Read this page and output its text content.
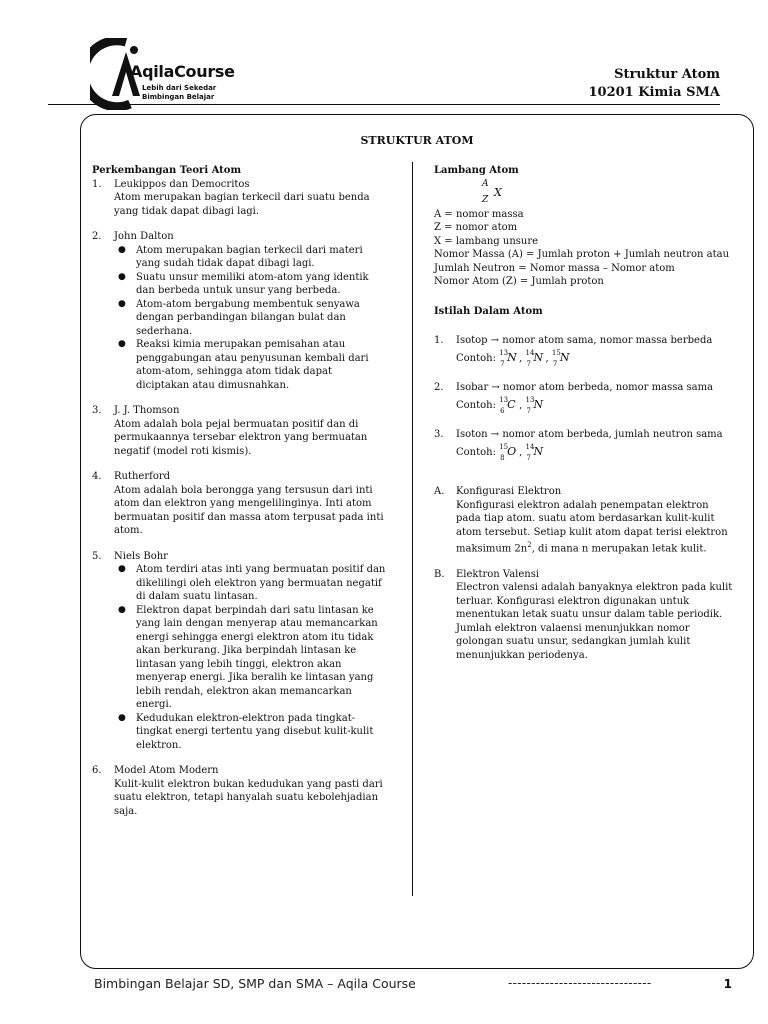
AqilaCourse
Lebih dari Sekedar
Bimbingan Belajar
Struktur Atom
10201 Kimia SMA
STRUKTUR ATOM
Perkembangan Teori Atom
1. Leukippos dan Democritos
Atom merupakan bagian terkecil dari suatu benda yang tidak dapat dibagi lagi.
2. John Dalton
● Atom merupakan bagian terkecil dari materi yang sudah tidak dapat dibagi lagi.
● Suatu unsur memiliki atom-atom yang identik dan berbeda untuk unsur yang berbeda.
● Atom-atom bergabung membentuk senyawa dengan perbandingan bilangan bulat dan sederhana.
● Reaksi kimia merupakan pemisahan atau penggabungan atau penyusunan kembali dari atom-atom, sehingga atom tidak dapat diciptakan atau dimusnahkan.
3. J. J. Thomson
Atom adalah bola pejal bermuatan positif dan di permukaannya tersebar elektron yang bermuatan negatif (model roti kismis).
4. Rutherford
Atom adalah bola berongga yang tersusun dari inti atom dan elektron yang mengelilinginya. Inti atom bermuatan positif dan massa atom terpusat pada inti atom.
5. Niels Bohr
● Atom terdiri atas inti yang bermuatan positif dan dikelilingi oleh elektron yang bermuatan negatif di dalam suatu lintasan.
● Elektron dapat berpindah dari satu lintasan ke yang lain dengan menyerap atau memancarkan energi sehingga energi elektron atom itu tidak akan berkurang. Jika berpindah lintasan ke lintasan yang lebih tinggi, elektron akan menyerap energi. Jika beralih ke lintasan yang lebih rendah, elektron akan memancarkan energi.
● Kedudukan elektron-elektron pada tingkat-tingkat energi tertentu yang disebut kulit-kulit elektron.
6. Model Atom Modern
Kulit-kulit elektron bukan kedudukan yang pasti dari suatu elektron, tetapi hanyalah suatu kebolehjadian saja.
Lambang Atom
A
Z
X
A = nomor massa
Z = nomor atom
X = lambang unsure
Nomor Massa (A) = Jumlah proton + Jumlah neutron atau
Jumlah Neutron = Nomor massa – Nomor atom
Nomor Atom (Z) = Jumlah proton
Istilah Dalam Atom
1. Isotop → nomor atom sama, nomor massa berbeda
Contoh: 13
7 N , 14
7 N , 15
7 N
2. Isobar → nomor atom berbeda, nomor massa sama
Contoh: 13
6 C , 13
7 N
3. Isoton → nomor atom berbeda, jumlah neutron sama
Contoh: 15
8 O , 14
7 N
A. Konfigurasi Elektron
Konfigurasi elektron adalah penempatan elektron pada tiap atom. suatu atom berdasarkan kulit-kulit atom tersebut. Setiap kulit atom dapat terisi elektron maksimum $2n^2$, di mana n merupakan letak kulit.
B. Elektron Valensi
Electron valensi adalah banyaknya elektron pada kulit terluar. Konfigurasi elektron digunakan untuk menentukan letak suatu unsur dalam table periodik. Jumlah elektron valaensi menunjukkan nomor golongan suatu unsur, sedangkan jumlah kulit menunjukkan periodenya.
Bimbingan Belajar SD, SMP dan SMA – Aqila Course	-------------------------------	1
